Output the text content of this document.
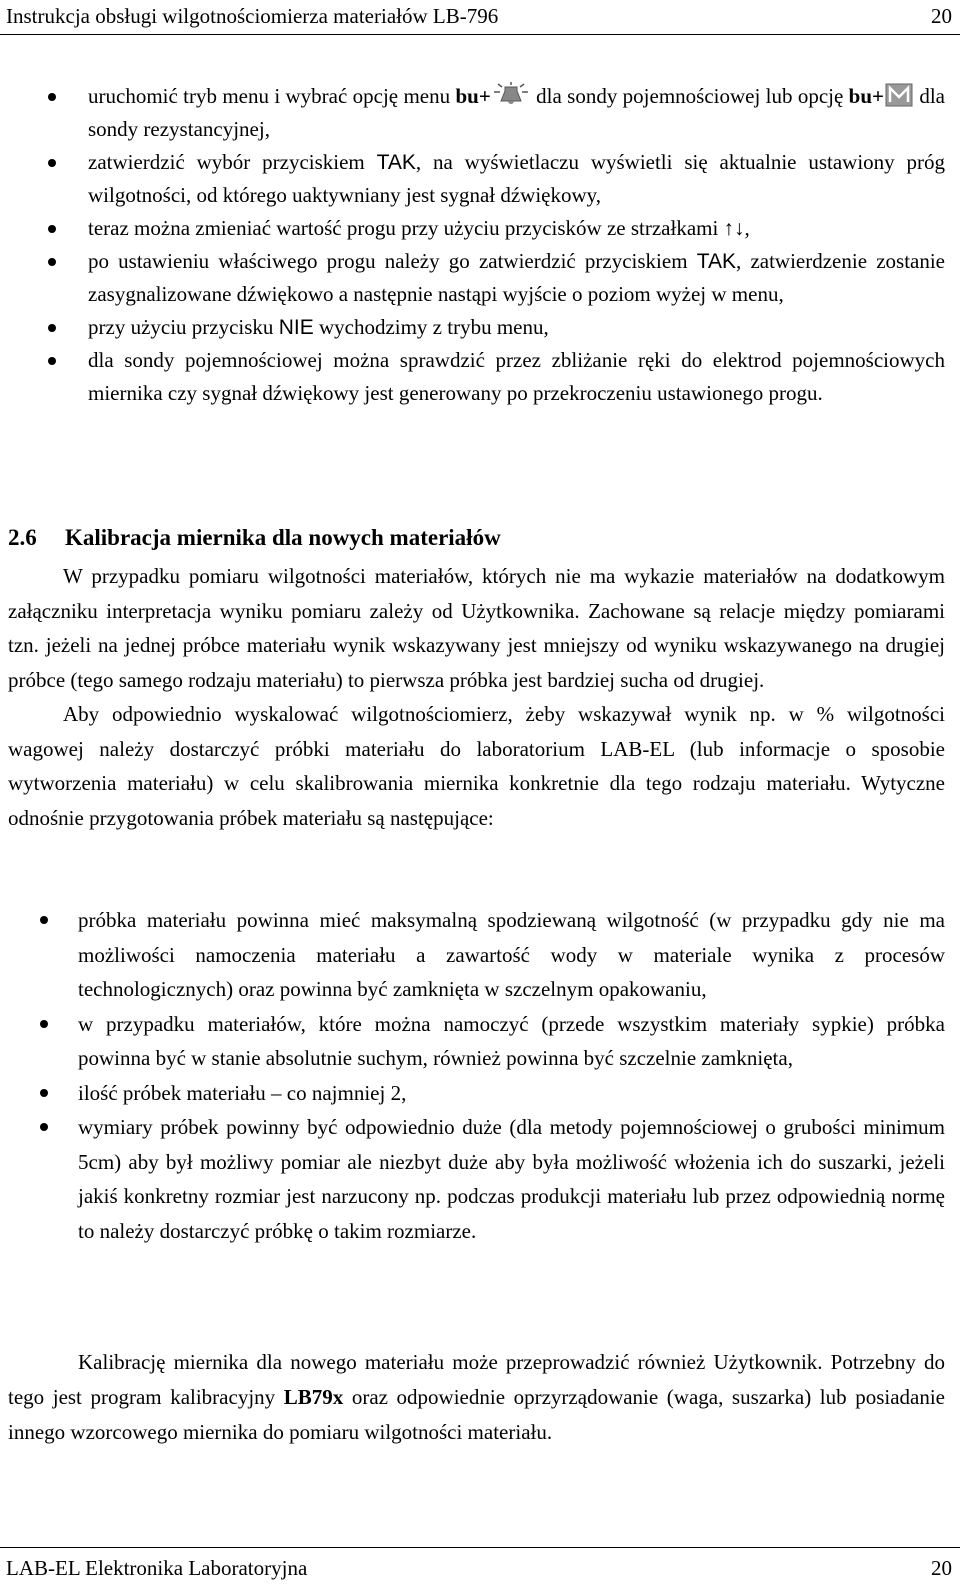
Instrukcja obsługi wilgotnościomierza materiałów LB-796	20
uruchomić tryb menu i wybrać opcję menu bu+ dla sondy pojemnościowej lub opcję bu+ dla sondy rezystancyjnej,
zatwierdzić wybór przyciskiem TAK, na wyświetlaczu wyświetli się aktualnie ustawiony próg wilgotności, od którego uaktywniany jest sygnał dźwiękowy,
teraz można zmieniać wartość progu przy użyciu przycisków ze strzałkami ↑↓,
po ustawieniu właściwego progu należy go zatwierdzić przyciskiem TAK, zatwierdzenie zostanie zasygnalizowane dźwiękowo a następnie nastąpi wyjście o poziom wyżej w menu,
przy użyciu przycisku NIE wychodzimy z trybu menu,
dla sondy pojemnościowej można sprawdzić przez zbliżanie ręki do elektrod pojemnościowych miernika czy sygnał dźwiękowy jest generowany po przekroczeniu ustawionego progu.
2.6 Kalibracja miernika dla nowych materiałów
W przypadku pomiaru wilgotności materiałów, których nie ma wykazie materiałów na dodatkowym załączniku interpretacja wyniku pomiaru zależy od Użytkownika. Zachowane są relacje między pomiarami tzn. jeżeli na jednej próbce materiału wynik wskazywany jest mniejszy od wyniku wskazywanego na drugiej próbce (tego samego rodzaju materiału) to pierwsza próbka jest bardziej sucha od drugiej.
Aby odpowiednio wyskalować wilgotnościomierz, żeby wskazywał wynik np. w % wilgotności wagowej należy dostarczyć próbki materiału do laboratorium LAB-EL (lub informacje o sposobie wytworzenia materiału) w celu skalibrowania miernika konkretnie dla tego rodzaju materiału. Wytyczne odnośnie przygotowania próbek materiału są następujące:
próbka materiału powinna mieć maksymalną spodziewaną wilgotność (w przypadku gdy nie ma możliwości namoczenia materiału a zawartość wody w materiale wynika z procesów technologicznych) oraz powinna być zamknięta w szczelnym opakowaniu,
w przypadku materiałów, które można namoczyć (przede wszystkim materiały sypkie) próbka powinna być w stanie absolutnie suchym, również powinna być szczelnie zamknięta,
ilość próbek materiału – co najmniej 2,
wymiary próbek powinny być odpowiednio duże (dla metody pojemnościowej o grubości minimum 5cm) aby był możliwy pomiar ale niezbyt duże aby była możliwość włożenia ich do suszarki, jeżeli jakiś konkretny rozmiar jest narzucony np. podczas produkcji materiału lub przez odpowiednią normę to należy dostarczyć próbkę o takim rozmiarze.
Kalibrację miernika dla nowego materiału może przeprowadzić również Użytkownik. Potrzebny do tego jest program kalibracyjny LB79x oraz odpowiednie oprzyrządowanie (waga, suszarka) lub posiadanie innego wzorcowego miernika do pomiaru wilgotności materiału.
LAB-EL Elektronika Laboratoryjna	20
